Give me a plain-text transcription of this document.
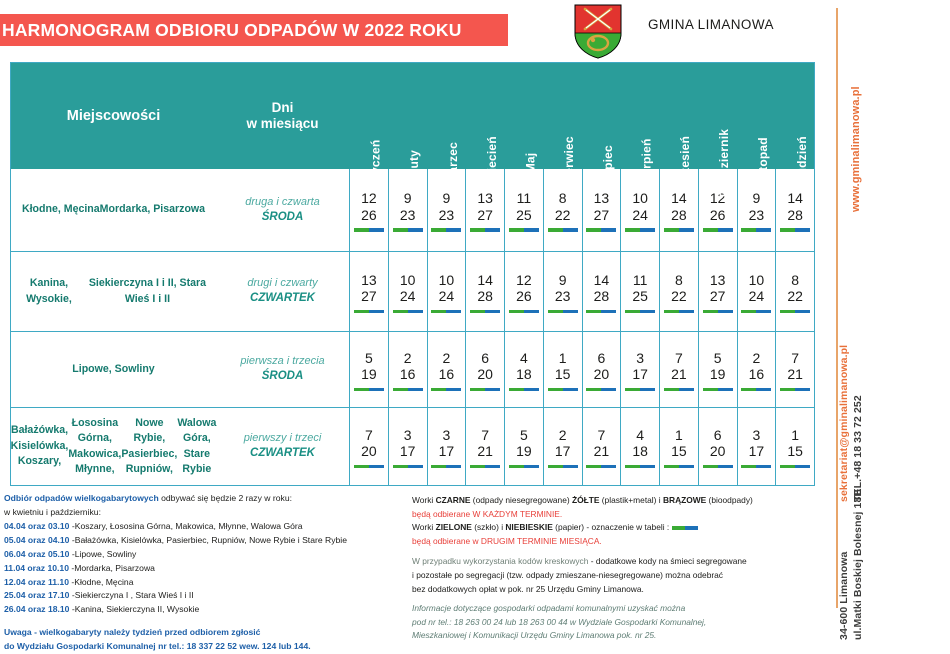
HARMONOGRAM ODBIORU ODPADÓW W 2022 ROKU	GMINA LIMANOWA
www.gminalimanowa.pl
sekretariat@gminalimanowa.pl TEL.+48 18 33 72 252
ul.Matki Boskiej Bolesnej 18B
34-600 Limanowa
Miejscowości
Dni
w miesiącu
Styczeń Luty Marzec Kwiecień Maj Czerwiec Lipiec Sierpień Wrzesień Październik Listopad Grudzień
Kłodne, Męcina Mordarka, Pisarzowa
druga i czwarta
ŚRODA
12
26
9
23
9
23
13
27
11
25
8
22
13
27
10
24
14
28
12
26
9
23
14
28
Kanina, Wysokie,
Siekierczyna I i II, Stara Wieś I i II
drugi i czwarty
CZWARTEK
13
27
10
24
10
24
14
28
12
26
9
23
14
28
11
25
8
22
13
27
10
24
8
22
Lipowe, Sowliny
pierwsza i trzecia
ŚRODA
5
19
2
16
2
16
6
20
4
18
1
15
6
20
3
17
7
21
5
19
2
16
7
21
Bałażówka, Kisielówka, Koszary,
Łososina Górna, Makowica, Młynne,
Nowe Rybie, Pasierbiec, Rupniów,
Walowa Góra, Stare Rybie
pierwszy i trzeci
CZWARTEK
7
20
3
17
3
17
7
21
5
19
2
17
7
21
4
18
1
15
6
20
3
17
1
15
Odbiór odpadów wielkogabarytowych odbywać się będzie 2 razy w roku:
w kwietniu i październiku:
04.04 oraz 03.10 -Koszary, Łososina Górna, Makowica, Młynne, Walowa Góra
05.04 oraz 04.10 -Bałażówka, Kisielówka, Pasierbiec, Rupniów, Nowe Rybie i Stare Rybie
06.04 oraz 05.10 -Lipowe, Sowliny
11.04 oraz 10.10 -Mordarka, Pisarzowa
12.04 oraz 11.10 -Kłodne, Męcina
25.04 oraz 17.10 -Siekierczyna I , Stara Wieś I i II
26.04 oraz 18.10 -Kanina, Siekierczyna II, Wysokie
Uwaga - wielkogabaryty należy tydzień przed odbiorem zgłosić
do Wydziału Gospodarki Komunalnej nr tel.: 18 337 22 52 wew. 124 lub 144.
Worki CZARNE (odpady niesegregowane) ŻÓŁTE (plastik+metal) i BRĄZOWE (bioodpady)
będą odbierane W KAŻDYM TERMINIE.
Worki ZIELONE (szkło) i NIEBIESKIE (papier) - oznaczenie w tabeli :
będą odbierane w DRUGIM TERMINIE MIESIĄCA.
W przypadku wykorzystania kodów kreskowych - dodatkowe kody na śmieci segregowane
i pozostałe po segregacji (tzw. odpady zmieszane-niesegregowane) można odebrać
bez dodatkowych opłat w pok. nr 25 Urzędu Gminy Limanowa.
Informacje dotyczące gospodarki odpadami komunalnymi uzyskać można
pod nr tel.: 18 263 00 24 lub 18 263 00 44 w Wydziale Gospodarki Komunalnej,
Mieszkaniowej i Komunikacji Urzędu Gminy Limanowa pok. nr 25.
